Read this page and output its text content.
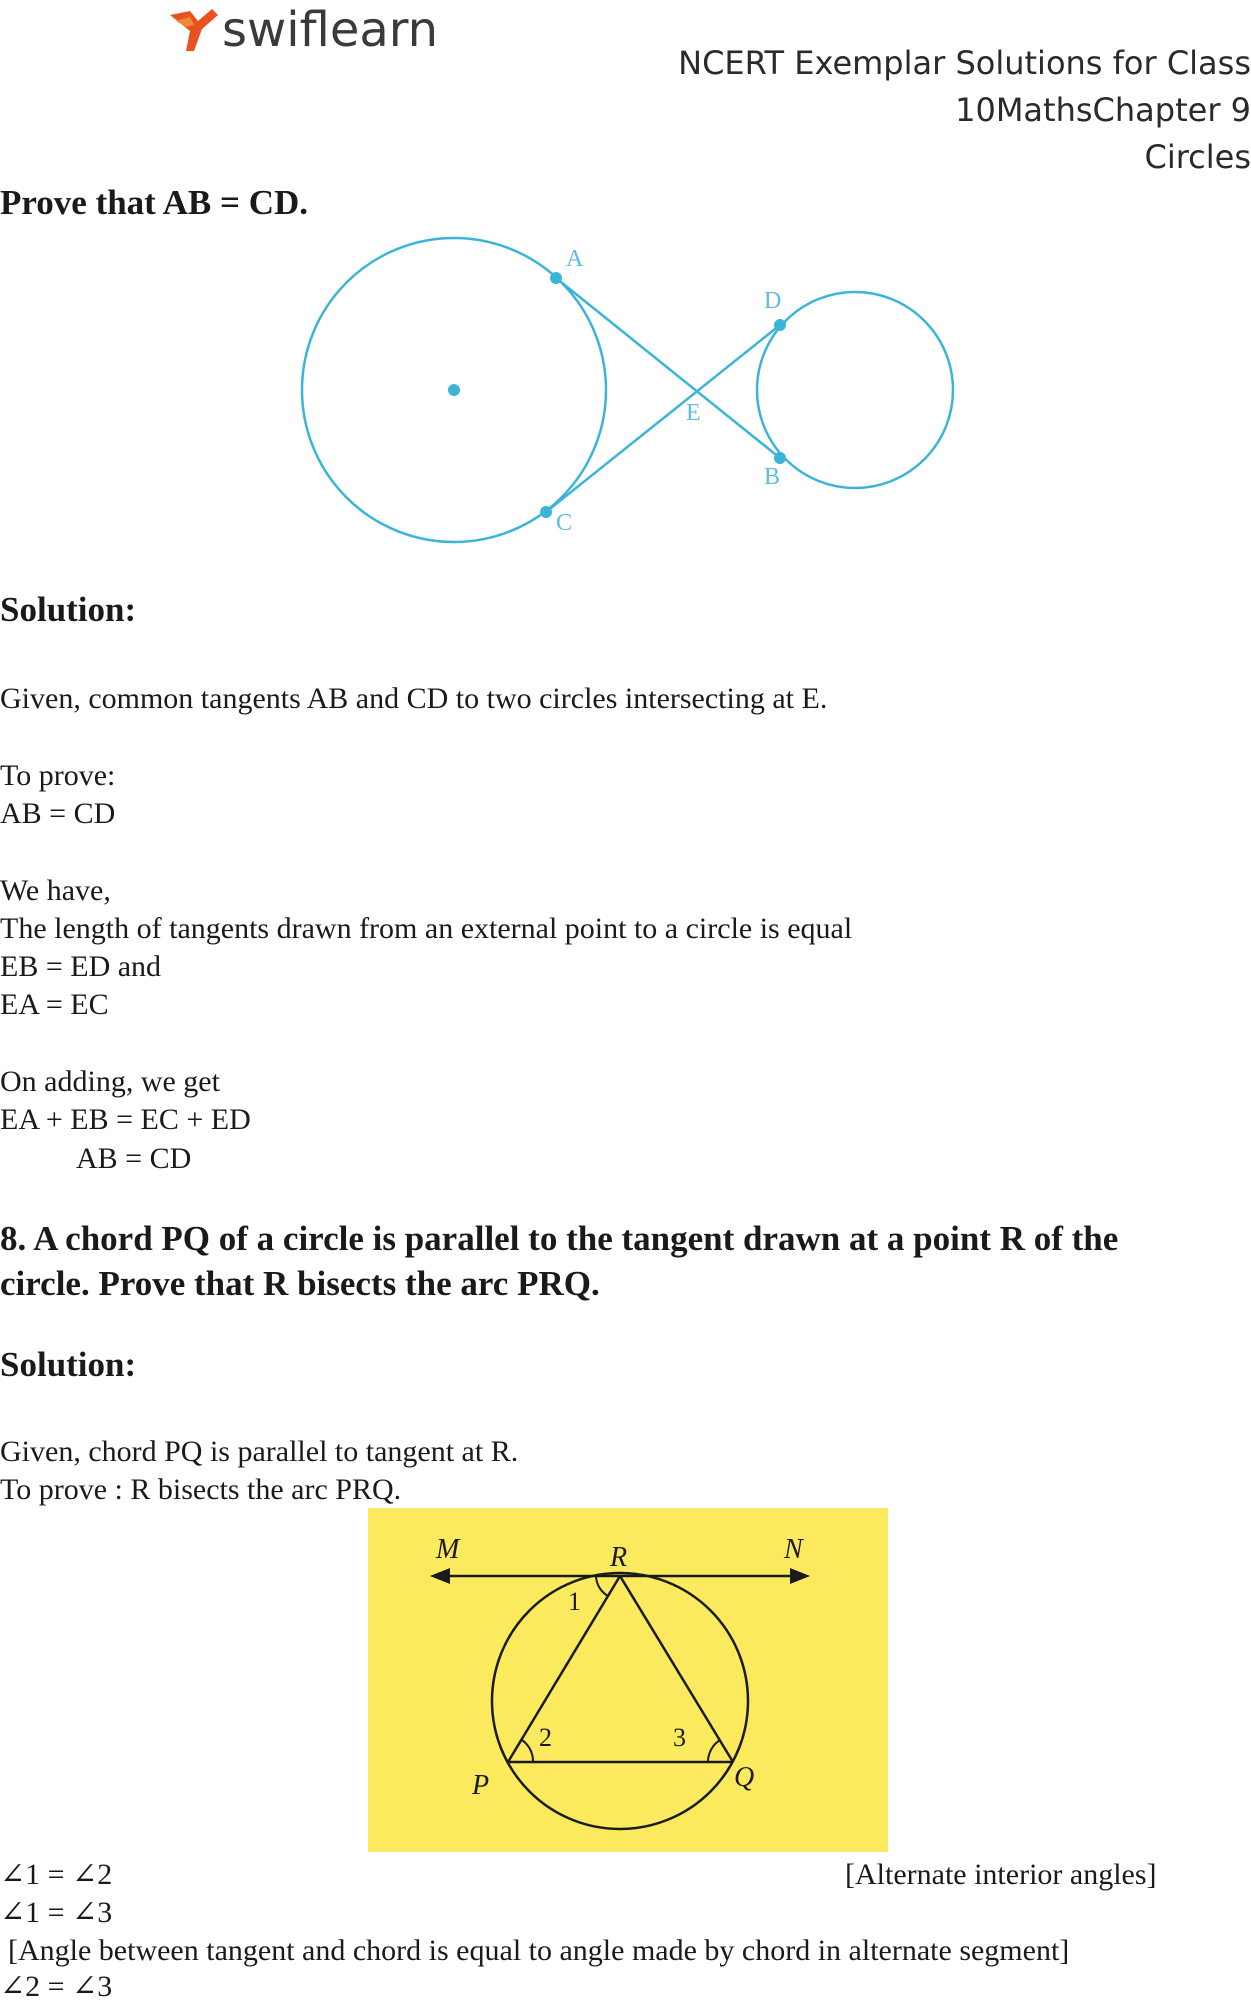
swiflearn
NCERT Exemplar Solutions for Class
10MathsChapter 9
Circles
Prove that AB = CD.
A
D
E
B
C
Solution:
Given, common tangents AB and CD to two circles intersecting at E.
To prove:
AB = CD
We have,
The length of tangents drawn from an external point to a circle is equal
EB = ED and
EA = EC
On adding, we get
EA + EB = EC + ED
AB = CD
8. A chord PQ of a circle is parallel to the tangent drawn at a point R of the
circle. Prove that R bisects the arc PRQ.
Solution:
Given, chord PQ is parallel to tangent at R.
To prove : R bisects the arc PRQ.
M	R	N
P	Q
1
2	3
∠1 = ∠2	[Alternate interior angles]
∠1 = ∠3
[Angle between tangent and chord is equal to angle made by chord in alternate segment]
∠2 = ∠3
